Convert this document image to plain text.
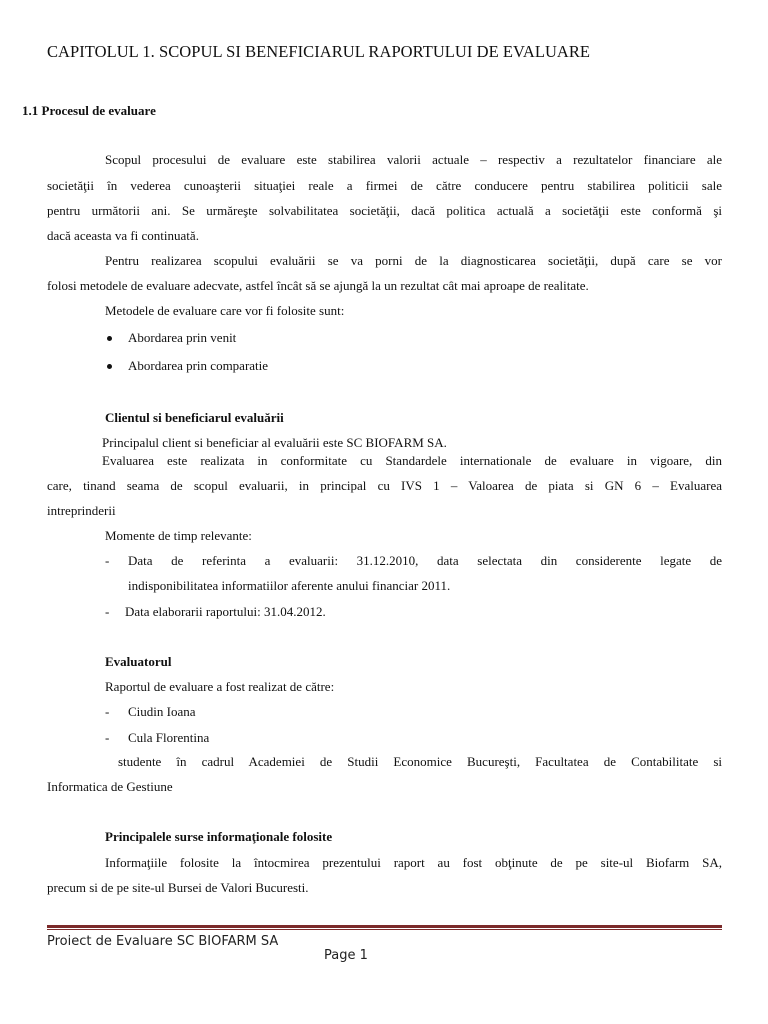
CAPITOLUL 1. SCOPUL SI BENEFICIARUL RAPORTULUI DE EVALUARE
1.1 Procesul de evaluare
Scopul procesului de evaluare este stabilirea valorii actuale – respectiv a rezultatelor financiare ale
societăţii în vederea cunoaşterii situaţiei reale a firmei de către conducere pentru stabilirea politicii sale
pentru următorii ani. Se urmăreşte solvabilitatea societăţii, dacă politica actuală a societăţii este conformă şi
dacă aceasta va fi continuată.
Pentru realizarea scopului evaluării se va porni de la diagnosticarea societăţii, după care se vor
folosi metodele de evaluare adecvate, astfel încât să se ajungă la un rezultat cât mai aproape de realitate.
Metodele de evaluare care vor fi folosite sunt:
Abordarea prin venit
Abordarea prin comparatie
Clientul si beneficiarul evaluării
Principalul client si beneficiar al evaluării este SC BIOFARM SA.
Evaluarea este realizata in conformitate cu Standardele internationale de evaluare in vigoare, din
care, tinand seama de scopul evaluarii, in principal cu IVS 1 – Valoarea de piata si GN 6 – Evaluarea
intreprinderii
Momente de timp relevante:
- Data de referinta a evaluarii: 31.12.2010, data selectata din considerente legate de
indisponibilitatea informatiilor aferente anului financiar 2011.
- Data elaborarii raportului: 31.04.2012.
Evaluatorul
Raportul de evaluare a fost realizat de către:
- Ciudin Ioana
- Cula Florentina
studente în cadrul Academiei de Studii Economice Bucureşti, Facultatea de Contabilitate si
Informatica de Gestiune
Principalele surse informaţionale folosite
Informaţiile folosite la întocmirea prezentului raport au fost obţinute de pe site-ul Biofarm SA,
precum si de pe site-ul Bursei de Valori Bucuresti.
Proiect de Evaluare SC BIOFARM SA
Page 1
